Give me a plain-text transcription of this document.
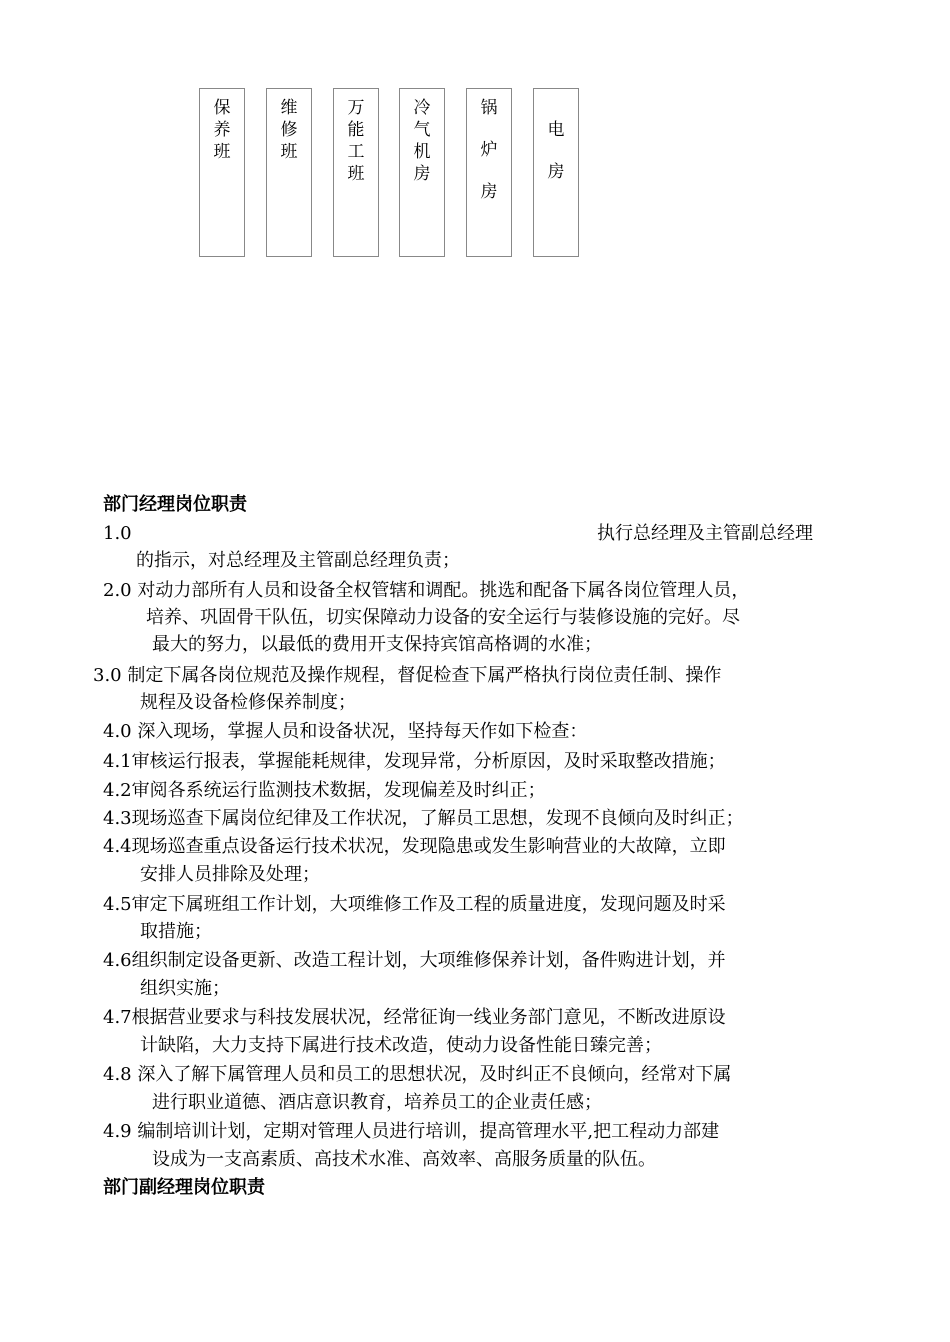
保
养
班
维
修
班
万
能
工
班
冷
气
机
房
锅
炉
房
电
房
部门经理岗位职责
1.0	执行总经理及主管副总经理
的指示，对总经理及主管副总经理负责；
2.0 对动力部所有人员和设备全权管辖和调配。挑选和配备下属各岗位管理人员，
培养、巩固骨干队伍，切实保障动力设备的安全运行与装修设施的完好。尽
最大的努力，以最低的费用开支保持宾馆高格调的水准；
3.0 制定下属各岗位规范及操作规程，督促检查下属严格执行岗位责任制、操作
规程及设备检修保养制度；
4.0 深入现场，掌握人员和设备状况，坚持每天作如下检查：
4.1审核运行报表，掌握能耗规律，发现异常，分析原因，及时采取整改措施；
4.2审阅各系统运行监测技术数据，发现偏差及时纠正；
4.3现场巡查下属岗位纪律及工作状况，了解员工思想，发现不良倾向及时纠正；
4.4现场巡查重点设备运行技术状况，发现隐患或发生影响营业的大故障，立即
安排人员排除及处理；
4.5审定下属班组工作计划，大项维修工作及工程的质量进度，发现问题及时采
取措施；
4.6组织制定设备更新、改造工程计划，大项维修保养计划，备件购进计划，并
组织实施；
4.7根据营业要求与科技发展状况，经常征询一线业务部门意见，不断改进原设
计缺陷，大力支持下属进行技术改造，使动力设备性能日臻完善；
4.8 深入了解下属管理人员和员工的思想状况，及时纠正不良倾向，经常对下属
进行职业道德、酒店意识教育，培养员工的企业责任感；
4.9 编制培训计划，定期对管理人员进行培训，提高管理水平,把工程动力部建
设成为一支高素质、高技术水准、高效率、高服务质量的队伍。
部门副经理岗位职责
